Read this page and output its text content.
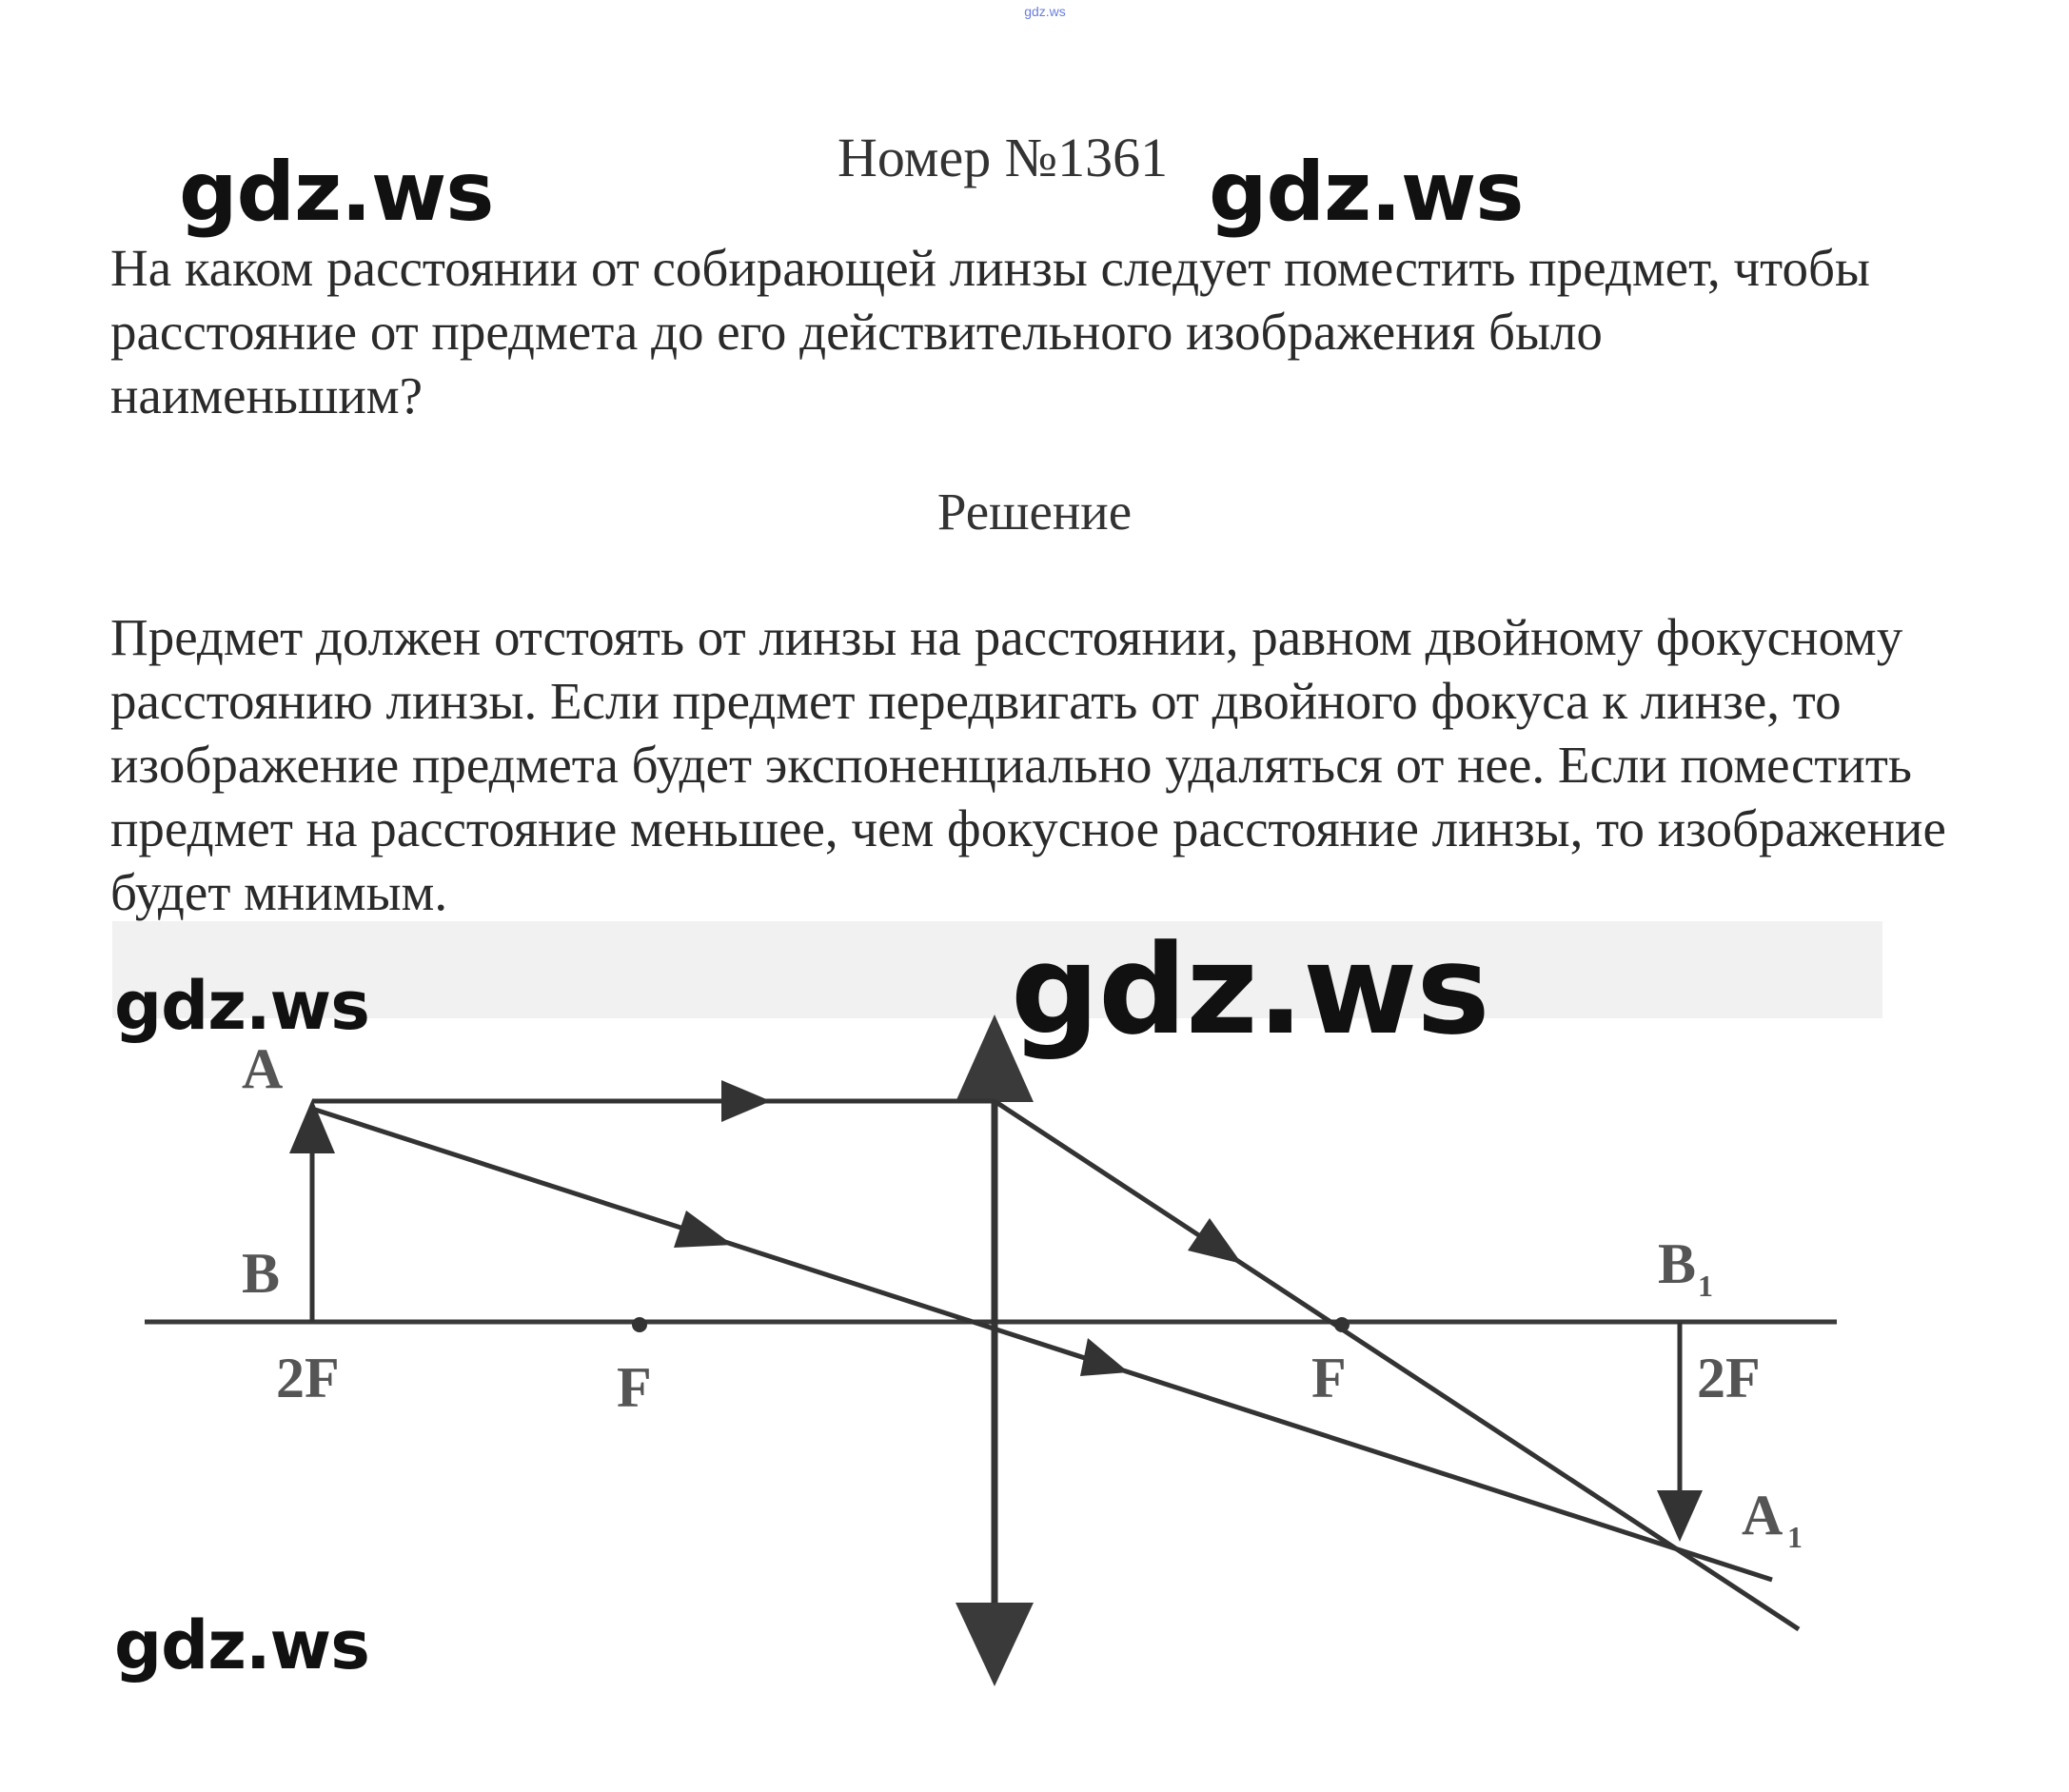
gdz.ws
gdz.ws	gdz.ws
Номер №1361

На каком расстоянии от собирающей линзы следует поместить предмет, чтобы расстояние от предмета до его действительного изображения было наименьшим?

Решение

Предмет должен отстоять от линзы на расстоянии, равном двойному фокусному расстоянию линзы. Если предмет передвигать от двойного фокуса к линзе, то изображение предмета будет экспоненциально удаляться от нее. Если поместить предмет на расстояние меньшее, чем фокусное расстояние линзы, то изображение будет мнимым.

A
B
2F	F	F
B 1
2F
A 1
gdz.ws
gdz.ws
gdz.ws
